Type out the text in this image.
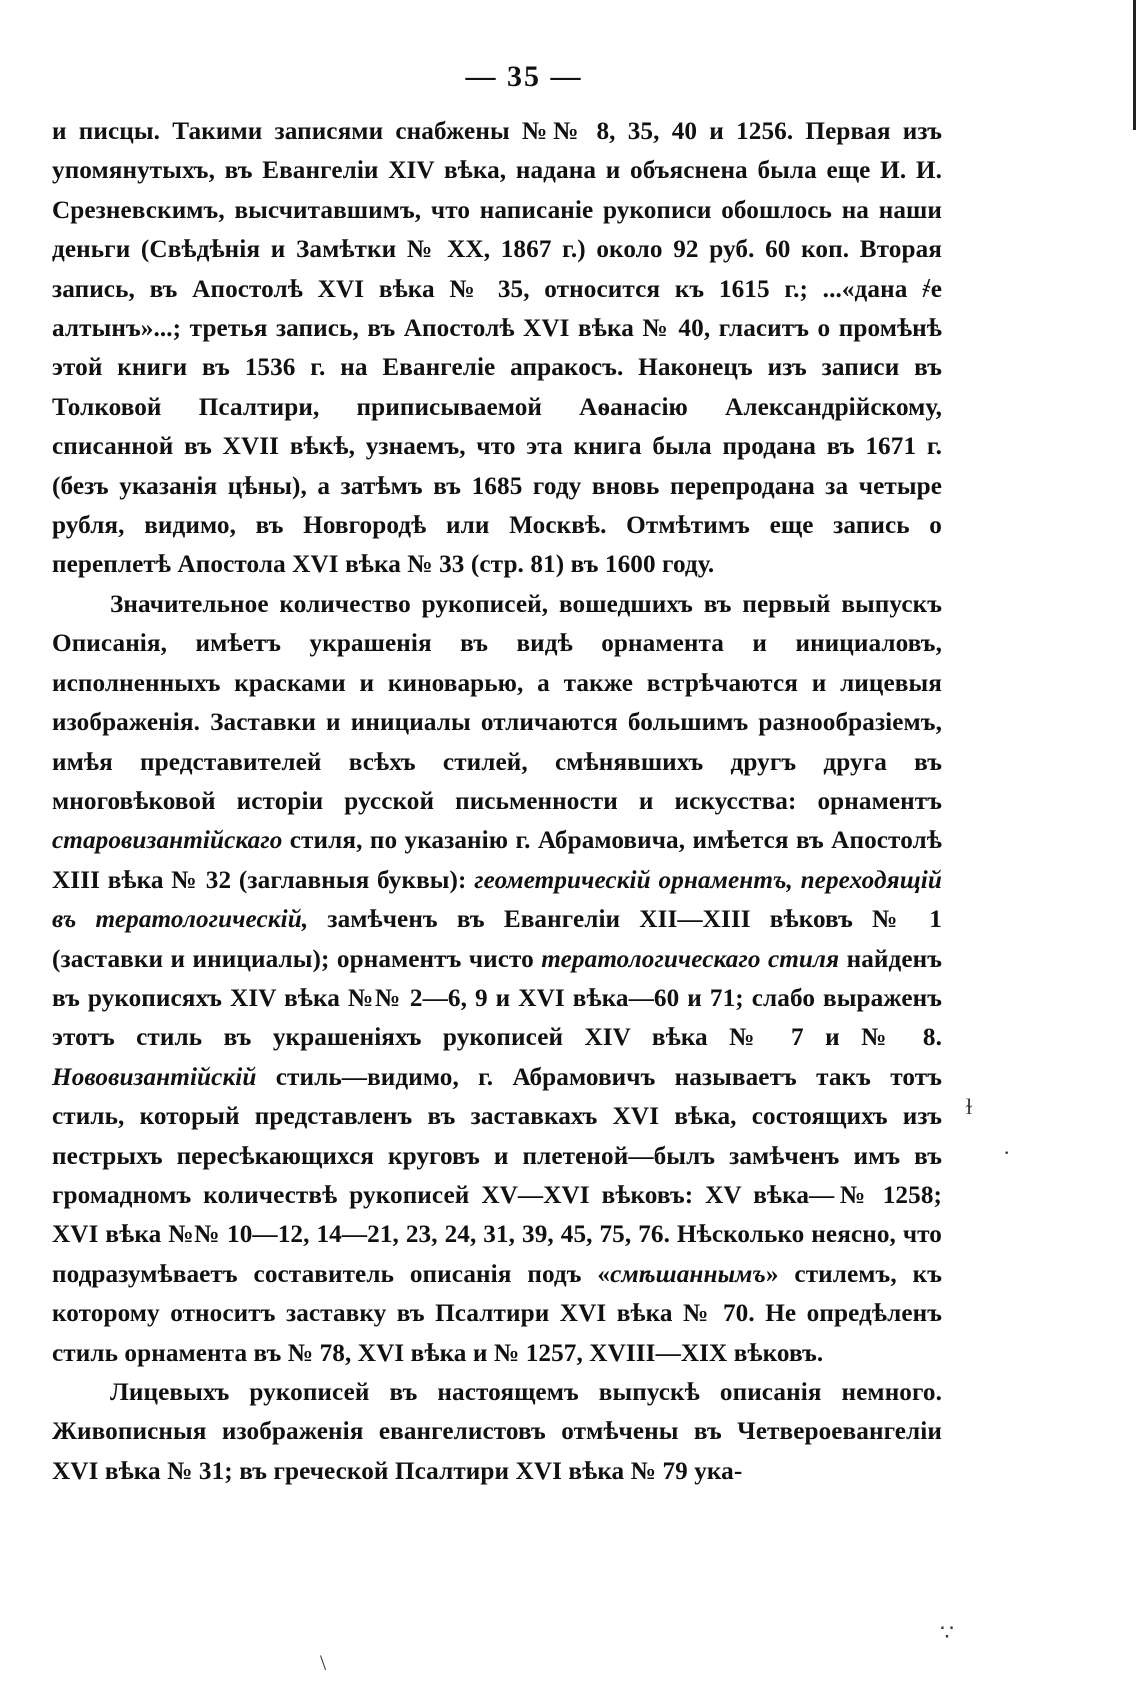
— 35 —

и писцы. Такими записями снабжены №№ 8, 35, 40 и 1256. Первая изъ упомянутыхъ, въ Евангеліи XIV вѣка, надана и объяснена была еще И. И. Срезневскимъ, высчитавшимъ, что написаніе рукописи обошлось на наши деньги (Свѣдѣнія и Замѣтки № XX, 1867 г.) около 92 руб. 60 коп. Вторая запись, въ Апостолѣ XVI вѣка № 35, относится къ 1615 г.; ...«дана ҂е алтынъ»...; третья запись, въ Апостолѣ XVI вѣка № 40, гласитъ о промѣнѣ этой книги въ 1536 г. на Евангеліе апракосъ. Наконецъ изъ записи въ Толковой Псалтири, приписываемой Аѳанасію Александрійскому, списанной въ XVII вѣкѣ, узнаемъ, что эта книга была продана въ 1671 г. (безъ указанія цѣны), а затѣмъ въ 1685 году вновь перепродана за четыре рубля, видимо, въ Новгородѣ или Москвѣ. Отмѣтимъ еще запись о переплетѣ Апостола XVI вѣка № 33 (стр. 81) въ 1600 году.

Значительное количество рукописей, вошедшихъ въ первый выпускъ Описанія, имѣетъ украшенія въ видѣ орнамента и инициаловъ, исполненныхъ красками и киноварью, а также встрѣчаются и лицевыя изображенія. Заставки и инициалы отличаются большимъ разнообразіемъ, имѣя представителей всѣхъ стилей, смѣнявшихъ другъ друга въ многовѣковой исторіи русской письменности и искусства: орнаментъ старовизантійскаго стиля, по указанію г. Абрамовича, имѣется въ Апостолѣ XIII вѣка № 32 (заглавныя буквы): геометрическій орнаментъ, переходящій въ тератологическій, замѣченъ въ Евангеліи XII—XIII вѣковъ № 1 (заставки и инициалы); орнаментъ чисто тератологическаго стиля найденъ въ рукописяхъ XIV вѣка №№ 2—6, 9 и XVI вѣка—60 и 71; слабо выраженъ этотъ стиль въ украшеніяхъ рукописей XIV вѣка № 7 и № 8. Нововизантійскій стиль—видимо, г. Абрамовичъ называетъ такъ тотъ стиль, который представленъ въ заставкахъ XVI вѣка, состоящихъ изъ пестрыхъ пересѣкающихся круговъ и плетеной—былъ замѣченъ имъ въ громадномъ количествѣ рукописей XV—XVI вѣковъ: XV вѣка—№ 1258; XVI вѣка №№ 10—12, 14—21, 23, 24, 31, 39, 45, 75, 76. Нѣсколько неясно, что подразумѣваетъ составитель описанія подъ «смѣшаннымъ» стилемъ, къ которому относитъ заставку въ Псалтири XVI вѣка № 70. Не опредѣленъ стиль орнамента въ № 78, XVI вѣка и № 1257, XVIII—XIX вѣковъ.

Лицевыхъ рукописей въ настоящемъ выпускѣ описанія немного. Живописныя изображенія евангелистовъ отмѣчены въ Четвероевангеліи XVI вѣка № 31; въ греческой Псалтири XVI вѣка № 79 ука-

ɫ
·
\
∵
